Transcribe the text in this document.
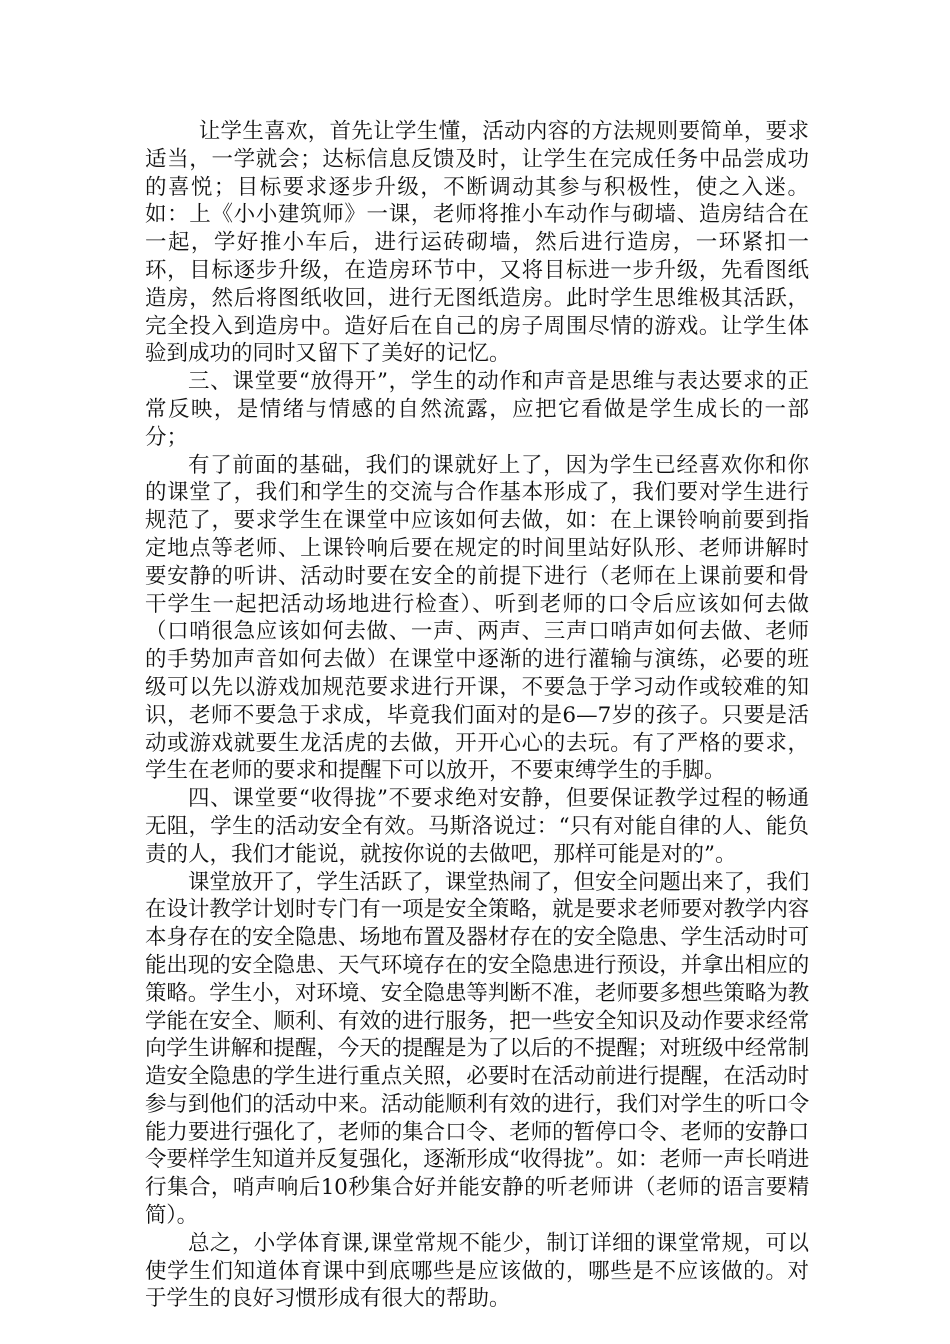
让学生喜欢，首先让学生懂，活动内容的方法规则要简单，要求适当，一学就会；达标信息反馈及时，让学生在完成任务中品尝成功的喜悦；目标要求逐步升级，不断调动其参与积极性，使之入迷。如：上《小小建筑师》一课，老师将推小车动作与砌墙、造房结合在一起，学好推小车后，进行运砖砌墙，然后进行造房，一环紧扣一环，目标逐步升级，在造房环节中，又将目标进一步升级，先看图纸造房，然后将图纸收回，进行无图纸造房。此时学生思维极其活跃，完全投入到造房中。造好后在自己的房子周围尽情的游戏。让学生体验到成功的同时又留下了美好的记忆。

三、课堂要“放得开”，学生的动作和声音是思维与表达要求的正常反映，是情绪与情感的自然流露，应把它看做是学生成长的一部分；

有了前面的基础，我们的课就好上了，因为学生已经喜欢你和你的课堂了，我们和学生的交流与合作基本形成了，我们要对学生进行规范了，要求学生在课堂中应该如何去做，如：在上课铃响前要到指定地点等老师、上课铃响后要在规定的时间里站好队形、老师讲解时要安静的听讲、活动时要在安全的前提下进行（老师在上课前要和骨干学生一起把活动场地进行检查）、听到老师的口令后应该如何去做（口哨很急应该如何去做、一声、两声、三声口哨声如何去做、老师的手势加声音如何去做）在课堂中逐渐的进行灌输与演练，必要的班级可以先以游戏加规范要求进行开课，不要急于学习动作或较难的知识，老师不要急于求成，毕竟我们面对的是6—7岁的孩子。只要是活动或游戏就要生龙活虎的去做，开开心心的去玩。有了严格的要求，学生在老师的要求和提醒下可以放开，不要束缚学生的手脚。

四、课堂要“收得拢”不要求绝对安静，但要保证教学过程的畅通无阻，学生的活动安全有效。马斯洛说过：“只有对能自律的人、能负责的人，我们才能说，就按你说的去做吧，那样可能是对的”。

课堂放开了，学生活跃了，课堂热闹了，但安全问题出来了，我们在设计教学计划时专门有一项是安全策略，就是要求老师要对教学内容本身存在的安全隐患、场地布置及器材存在的安全隐患、学生活动时可能出现的安全隐患、天气环境存在的安全隐患进行预设，并拿出相应的策略。学生小，对环境、安全隐患等判断不准，老师要多想些策略为教学能在安全、顺利、有效的进行服务，把一些安全知识及动作要求经常向学生讲解和提醒，今天的提醒是为了以后的不提醒；对班级中经常制造安全隐患的学生进行重点关照，必要时在活动前进行提醒，在活动时参与到他们的活动中来。活动能顺利有效的进行，我们对学生的听口令能力要进行强化了，老师的集合口令、老师的暂停口令、老师的安静口令要样学生知道并反复强化，逐渐形成“收得拢”。如：老师一声长哨进行集合，哨声响后10秒集合好并能安静的听老师讲（老师的语言要精简）。

总之，小学体育课,课堂常规不能少，制订详细的课堂常规，可以使学生们知道体育课中到底哪些是应该做的，哪些是不应该做的。对于学生的良好习惯形成有很大的帮助。
